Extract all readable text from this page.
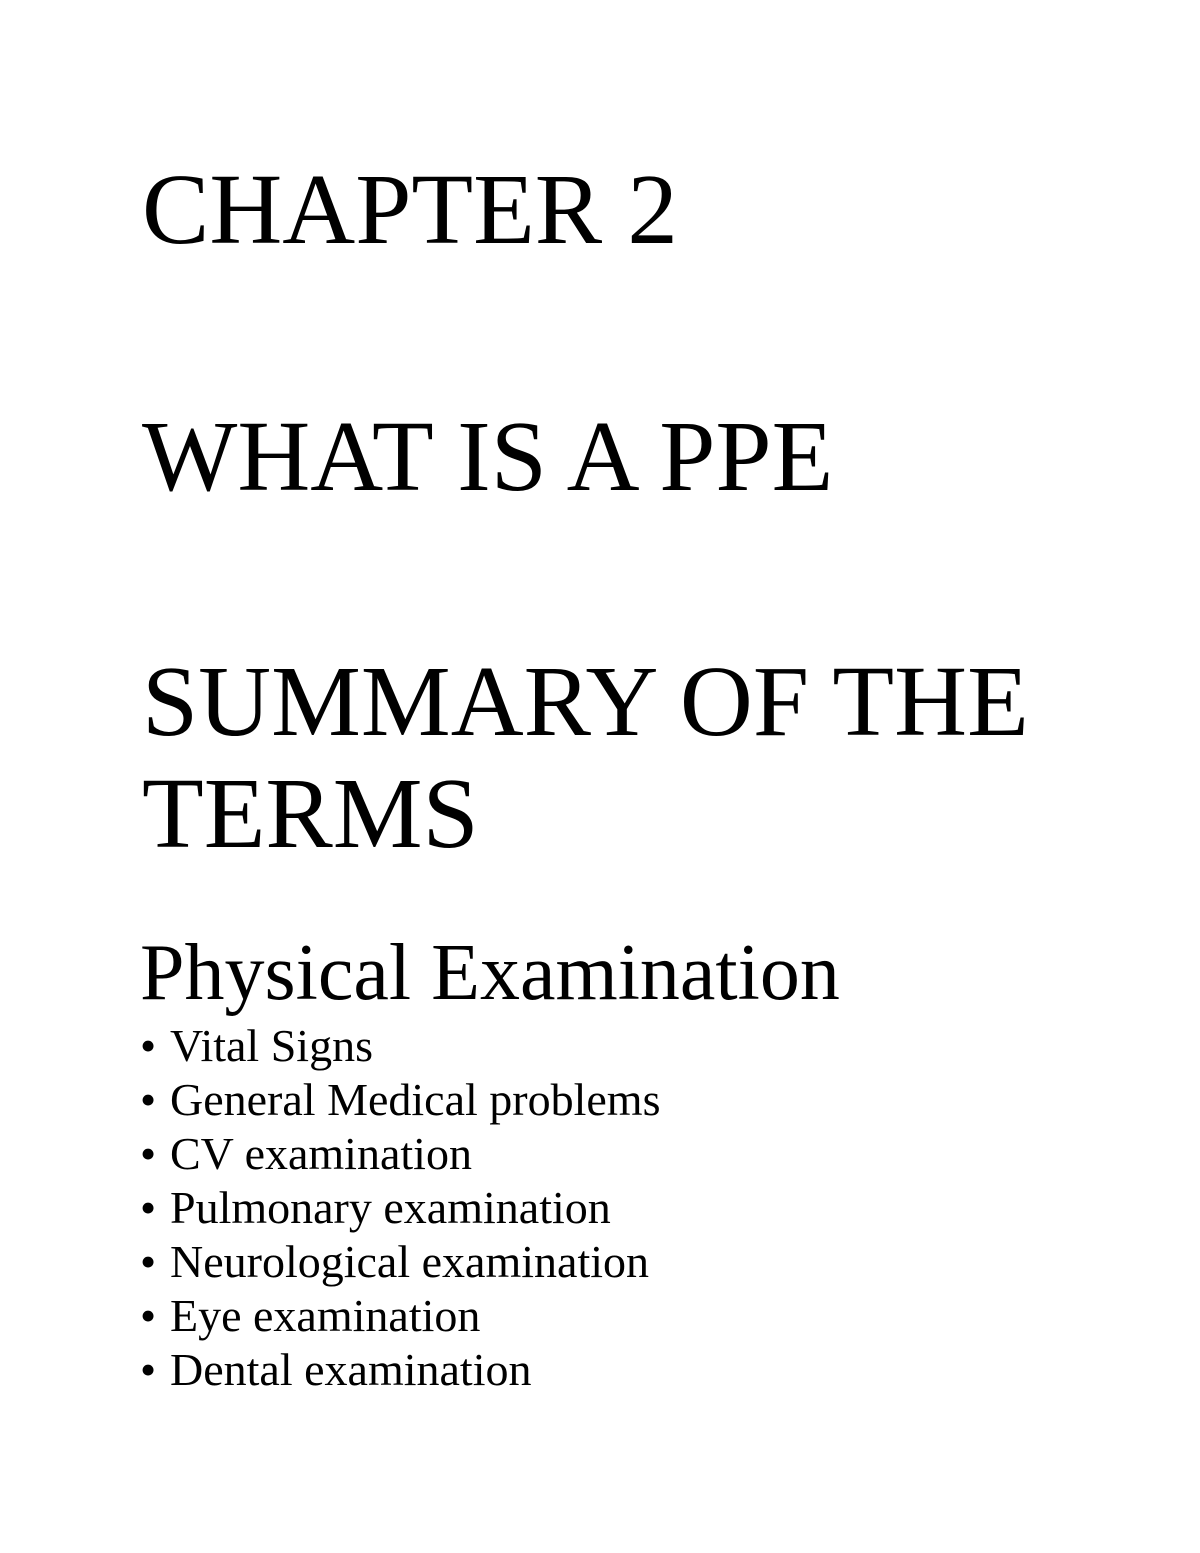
CHAPTER 2
WHAT IS A PPE
SUMMARY OF THE TERMS
Physical Examination
• Vital Signs
• General Medical problems
• CV examination
• Pulmonary examination
• Neurological examination
• Eye examination
• Dental examination
